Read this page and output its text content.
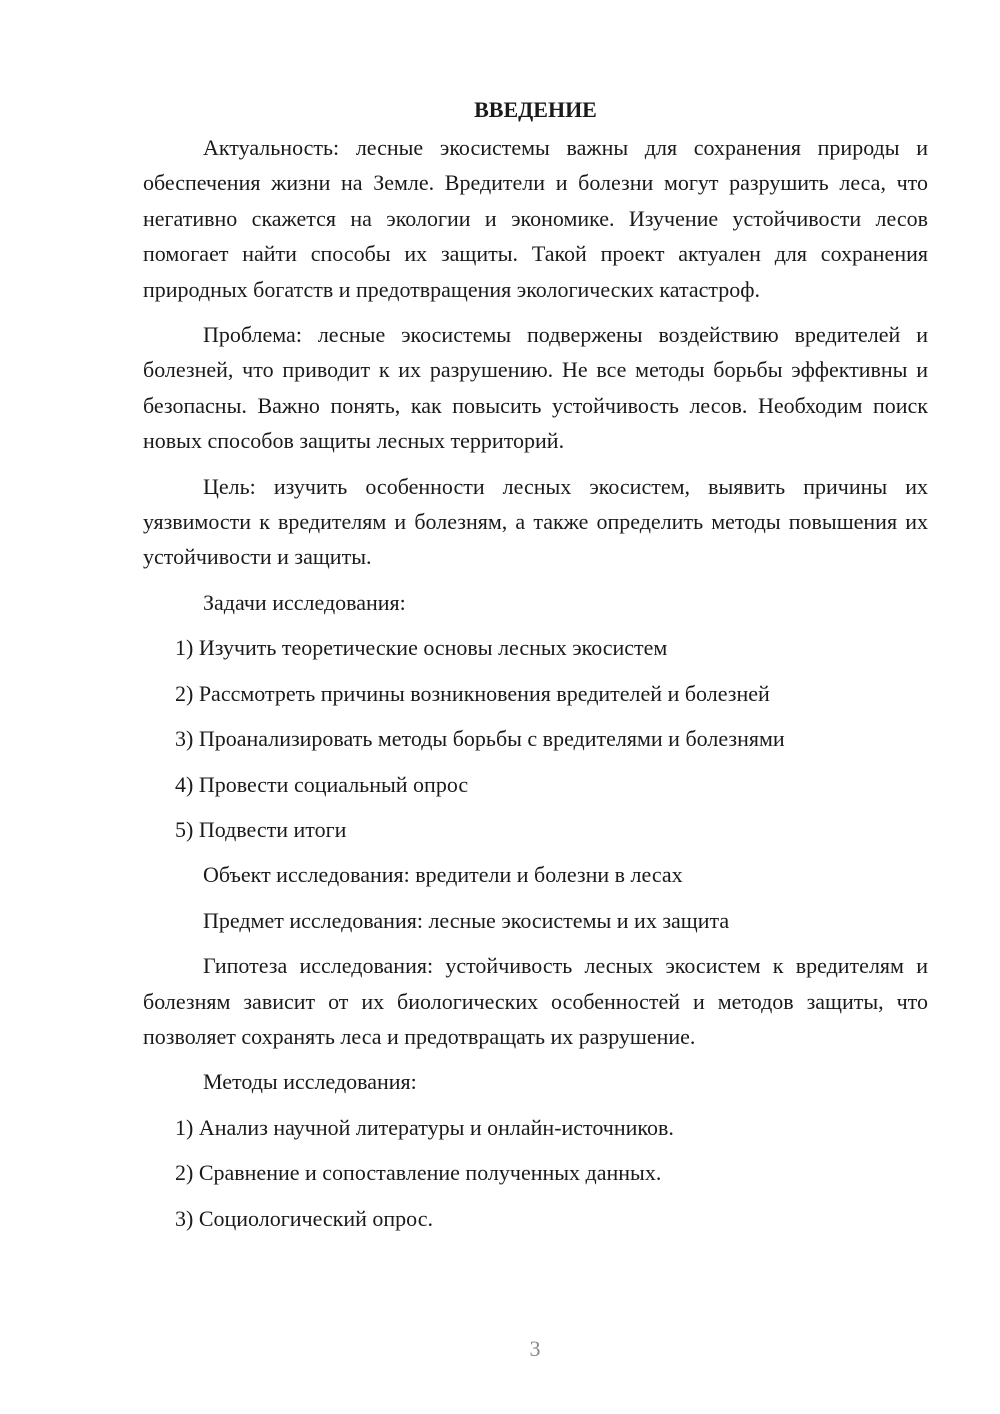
ВВЕДЕНИЕ

Актуальность: лесные экосистемы важны для сохранения природы и обеспечения жизни на Земле. Вредители и болезни могут разрушить леса, что негативно скажется на экологии и экономике. Изучение устойчивости лесов помогает найти способы их защиты. Такой проект актуален для сохранения природных богатств и предотвращения экологических катастроф.

Проблема: лесные экосистемы подвержены воздействию вредителей и болезней, что приводит к их разрушению. Не все методы борьбы эффективны и безопасны. Важно понять, как повысить устойчивость лесов. Необходим поиск новых способов защиты лесных территорий.

Цель: изучить особенности лесных экосистем, выявить причины их уязвимости к вредителям и болезням, а также определить методы повышения их устойчивости и защиты.

Задачи исследования:
1) Изучить теоретические основы лесных экосистем
2) Рассмотреть причины возникновения вредителей и болезней
3) Проанализировать методы борьбы с вредителями и болезнями
4) Провести социальный опрос
5) Подвести итоги
Объект исследования: вредители и болезни в лесах
Предмет исследования: лесные экосистемы и их защита

Гипотеза исследования: устойчивость лесных экосистем к вредителям и болезням зависит от их биологических особенностей и методов защиты, что позволяет сохранять леса и предотвращать их разрушение.

Методы исследования:
1) Анализ научной литературы и онлайн-источников.
2) Сравнение и сопоставление полученных данных.
3) Социологический опрос.
3
